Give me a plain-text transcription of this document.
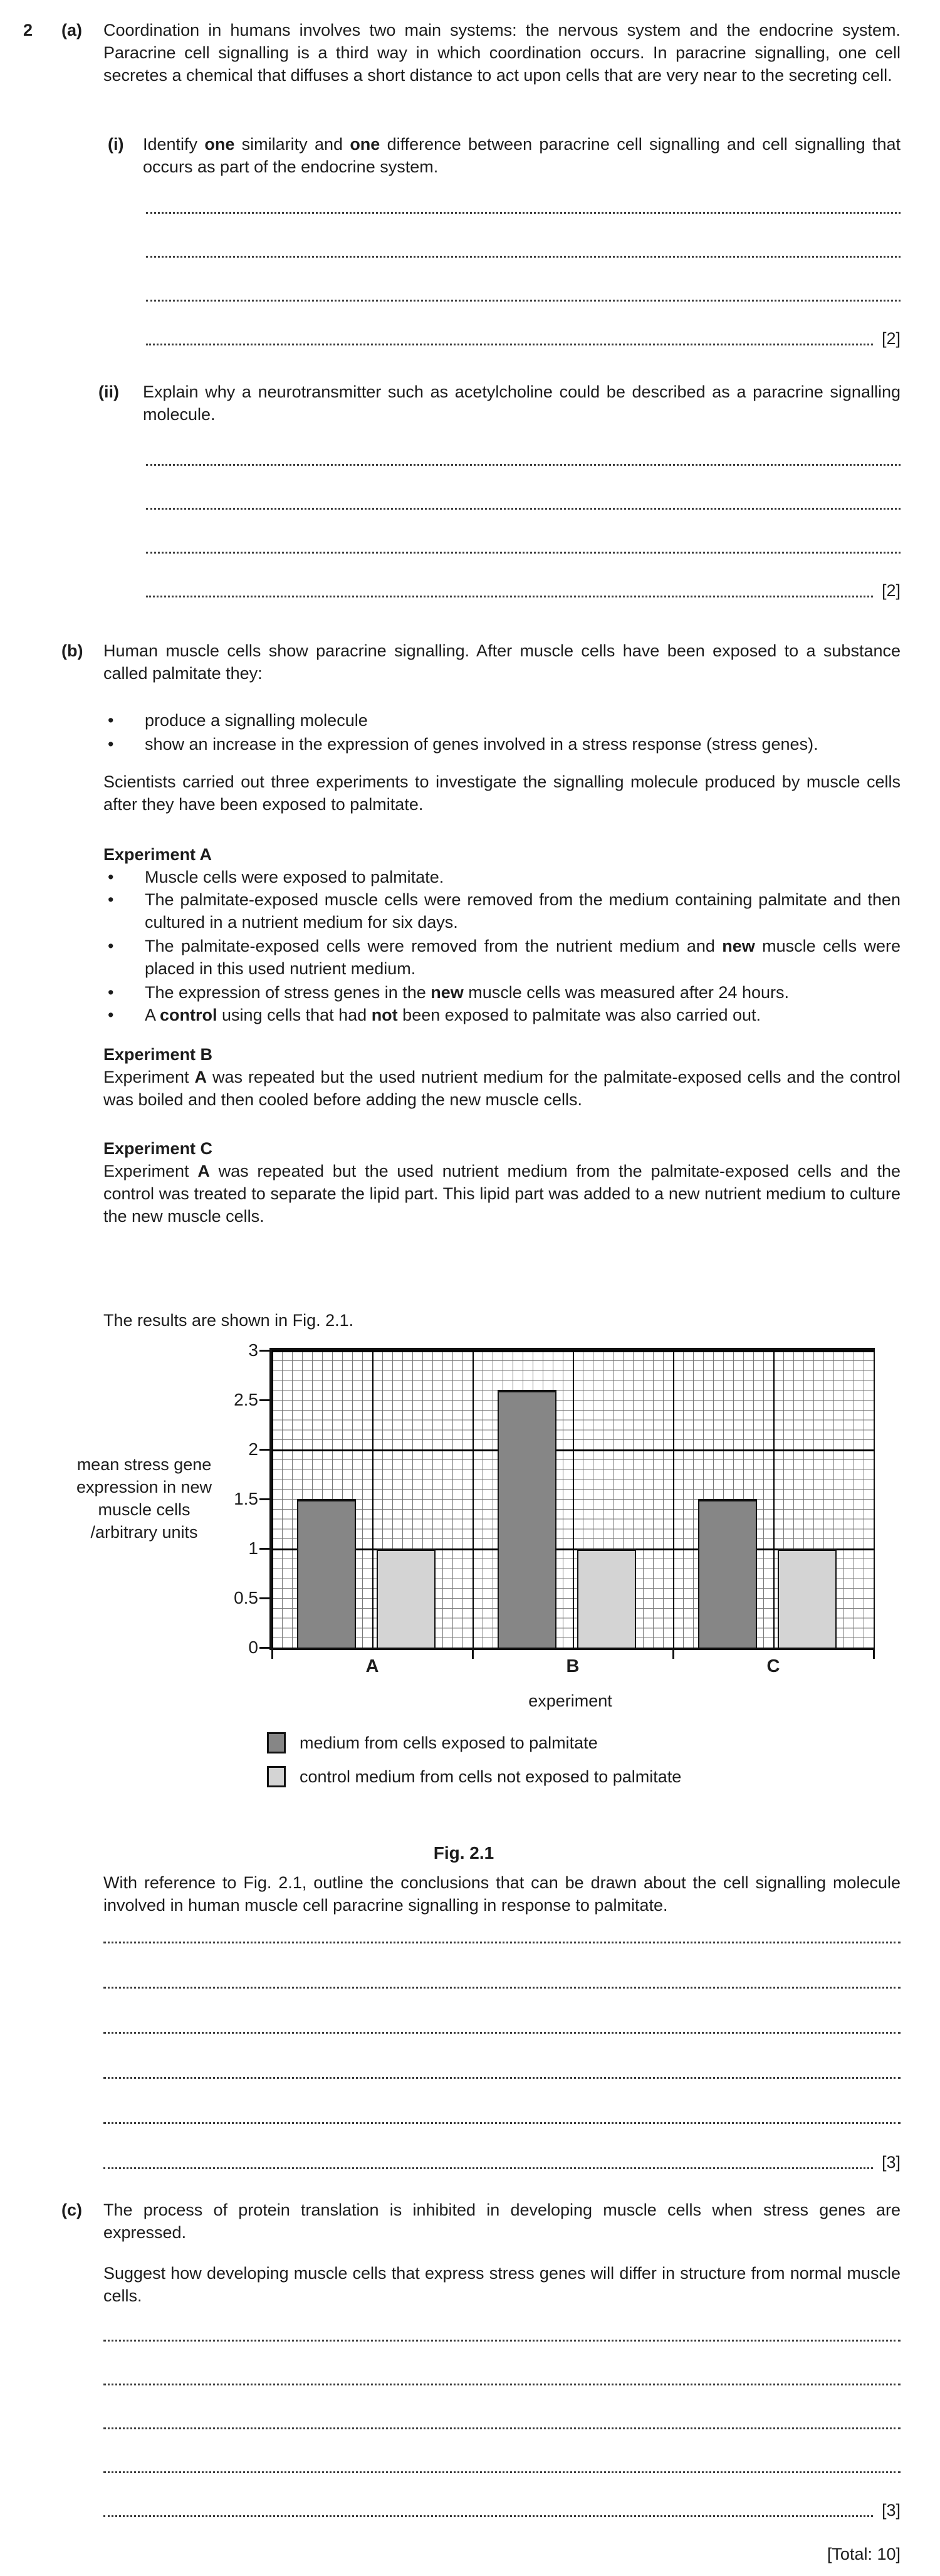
2 (a) Coordination in humans involves two main systems: the nervous system and the endocrine system. Paracrine cell signalling is a third way in which coordination occurs. In paracrine signalling, one cell secretes a chemical that diffuses a short distance to act upon cells that are very near to the secreting cell.
(i) Identify one similarity and one difference between paracrine cell signalling and cell signalling that occurs as part of the endocrine system.
[2]
(ii) Explain why a neurotransmitter such as acetylcholine could be described as a paracrine signalling molecule.
[2]
(b) Human muscle cells show paracrine signalling. After muscle cells have been exposed to a substance called palmitate they:
• produce a signalling molecule
• show an increase in the expression of genes involved in a stress response (stress genes).
Scientists carried out three experiments to investigate the signalling molecule produced by muscle cells after they have been exposed to palmitate.
Experiment A
• Muscle cells were exposed to palmitate.
• The palmitate-exposed muscle cells were removed from the medium containing palmitate and then cultured in a nutrient medium for six days.
• The palmitate-exposed cells were removed from the nutrient medium and new muscle cells were placed in this used nutrient medium.
• The expression of stress genes in the new muscle cells was measured after 24 hours.
• A control using cells that had not been exposed to palmitate was also carried out.
Experiment B
Experiment A was repeated but the used nutrient medium for the palmitate-exposed cells and the control was boiled and then cooled before adding the new muscle cells.
Experiment C
Experiment A was repeated but the used nutrient medium from the palmitate-exposed cells and the control was treated to separate the lipid part. This lipid part was added to a new nutrient medium to culture the new muscle cells.
The results are shown in Fig. 2.1.
mean stress gene
expression in new
muscle cells
/arbitrary units
3
2.5
2
1.5
1
0.5
0
A	B	C
experiment
medium from cells exposed to palmitate
control medium from cells not exposed to palmitate
Fig. 2.1
With reference to Fig. 2.1, outline the conclusions that can be drawn about the cell signalling molecule involved in human muscle cell paracrine signalling in response to palmitate.
[3]
(c) The process of protein translation is inhibited in developing muscle cells when stress genes are expressed.
Suggest how developing muscle cells that express stress genes will differ in structure from normal muscle cells.
[3]
[Total: 10]
